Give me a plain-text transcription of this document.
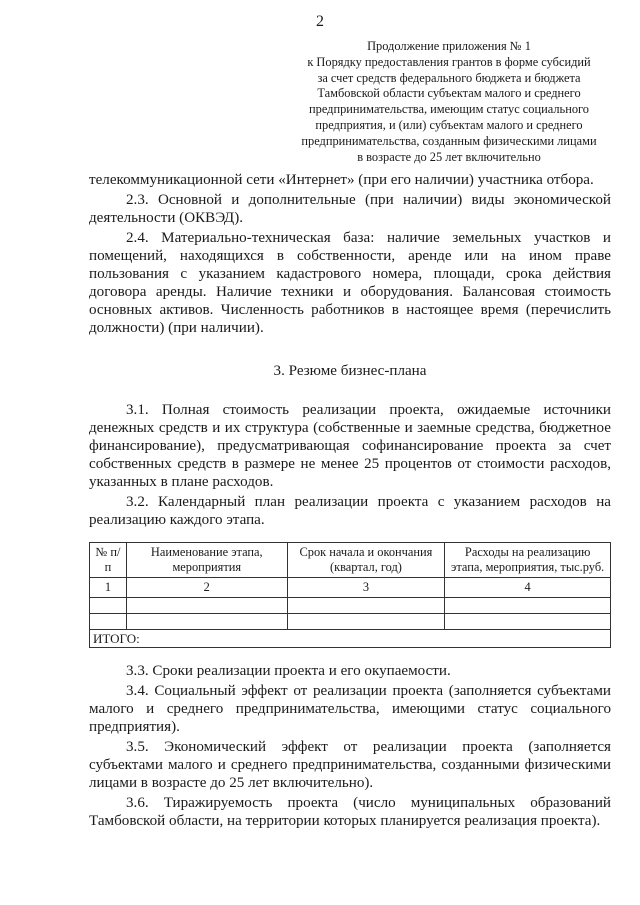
2
Продолжение приложения № 1
к Порядку предоставления грантов в форме субсидий
за счет средств федерального бюджета и бюджета
Тамбовской области субъектам малого и среднего
предпринимательства, имеющим статус социального
предприятия, и (или) субъектам малого и среднего
предпринимательства, созданным физическими лицами
в возрасте до 25 лет включительно

телекоммуникационной сети «Интернет» (при его наличии) участника отбора.

2.3. Основной и дополнительные (при наличии) виды экономической деятельности (ОКВЭД).

2.4. Материально-техническая база: наличие земельных участков и помещений, находящихся в собственности, аренде или на ином праве пользования с указанием кадастрового номера, площади, срока действия договора аренды. Наличие техники и оборудования. Балансовая стоимость основных активов. Численность работников в настоящее время (перечислить должности) (при наличии).

3. Резюме бизнес-плана

3.1. Полная стоимость реализации проекта, ожидаемые источники денежных средств и их структура (собственные и заемные средства, бюджетное финансирование), предусматривающая софинансирование проекта за счет собственных средств в размере не менее 25 процентов от стоимости расходов, указанных в плане расходов.

3.2. Календарный план реализации проекта с указанием расходов на реализацию каждого этапа.

№ п/п	Наименование этапа, мероприятия	Срок начала и окончания (квартал, год)	Расходы на реализацию этапа, мероприятия, тыс.руб.
1	2	3	4

ИТОГО:			

3.3. Сроки реализации проекта и его окупаемости.

3.4. Социальный эффект от реализации проекта (заполняется субъектами малого и среднего предпринимательства, имеющими статус социального предприятия).

3.5. Экономический эффект от реализации проекта (заполняется субъектами малого и среднего предпринимательства, созданными физическими лицами в возрасте до 25 лет включительно).

3.6. Тиражируемость проекта (число муниципальных образований Тамбовской области, на территории которых планируется реализация проекта).
